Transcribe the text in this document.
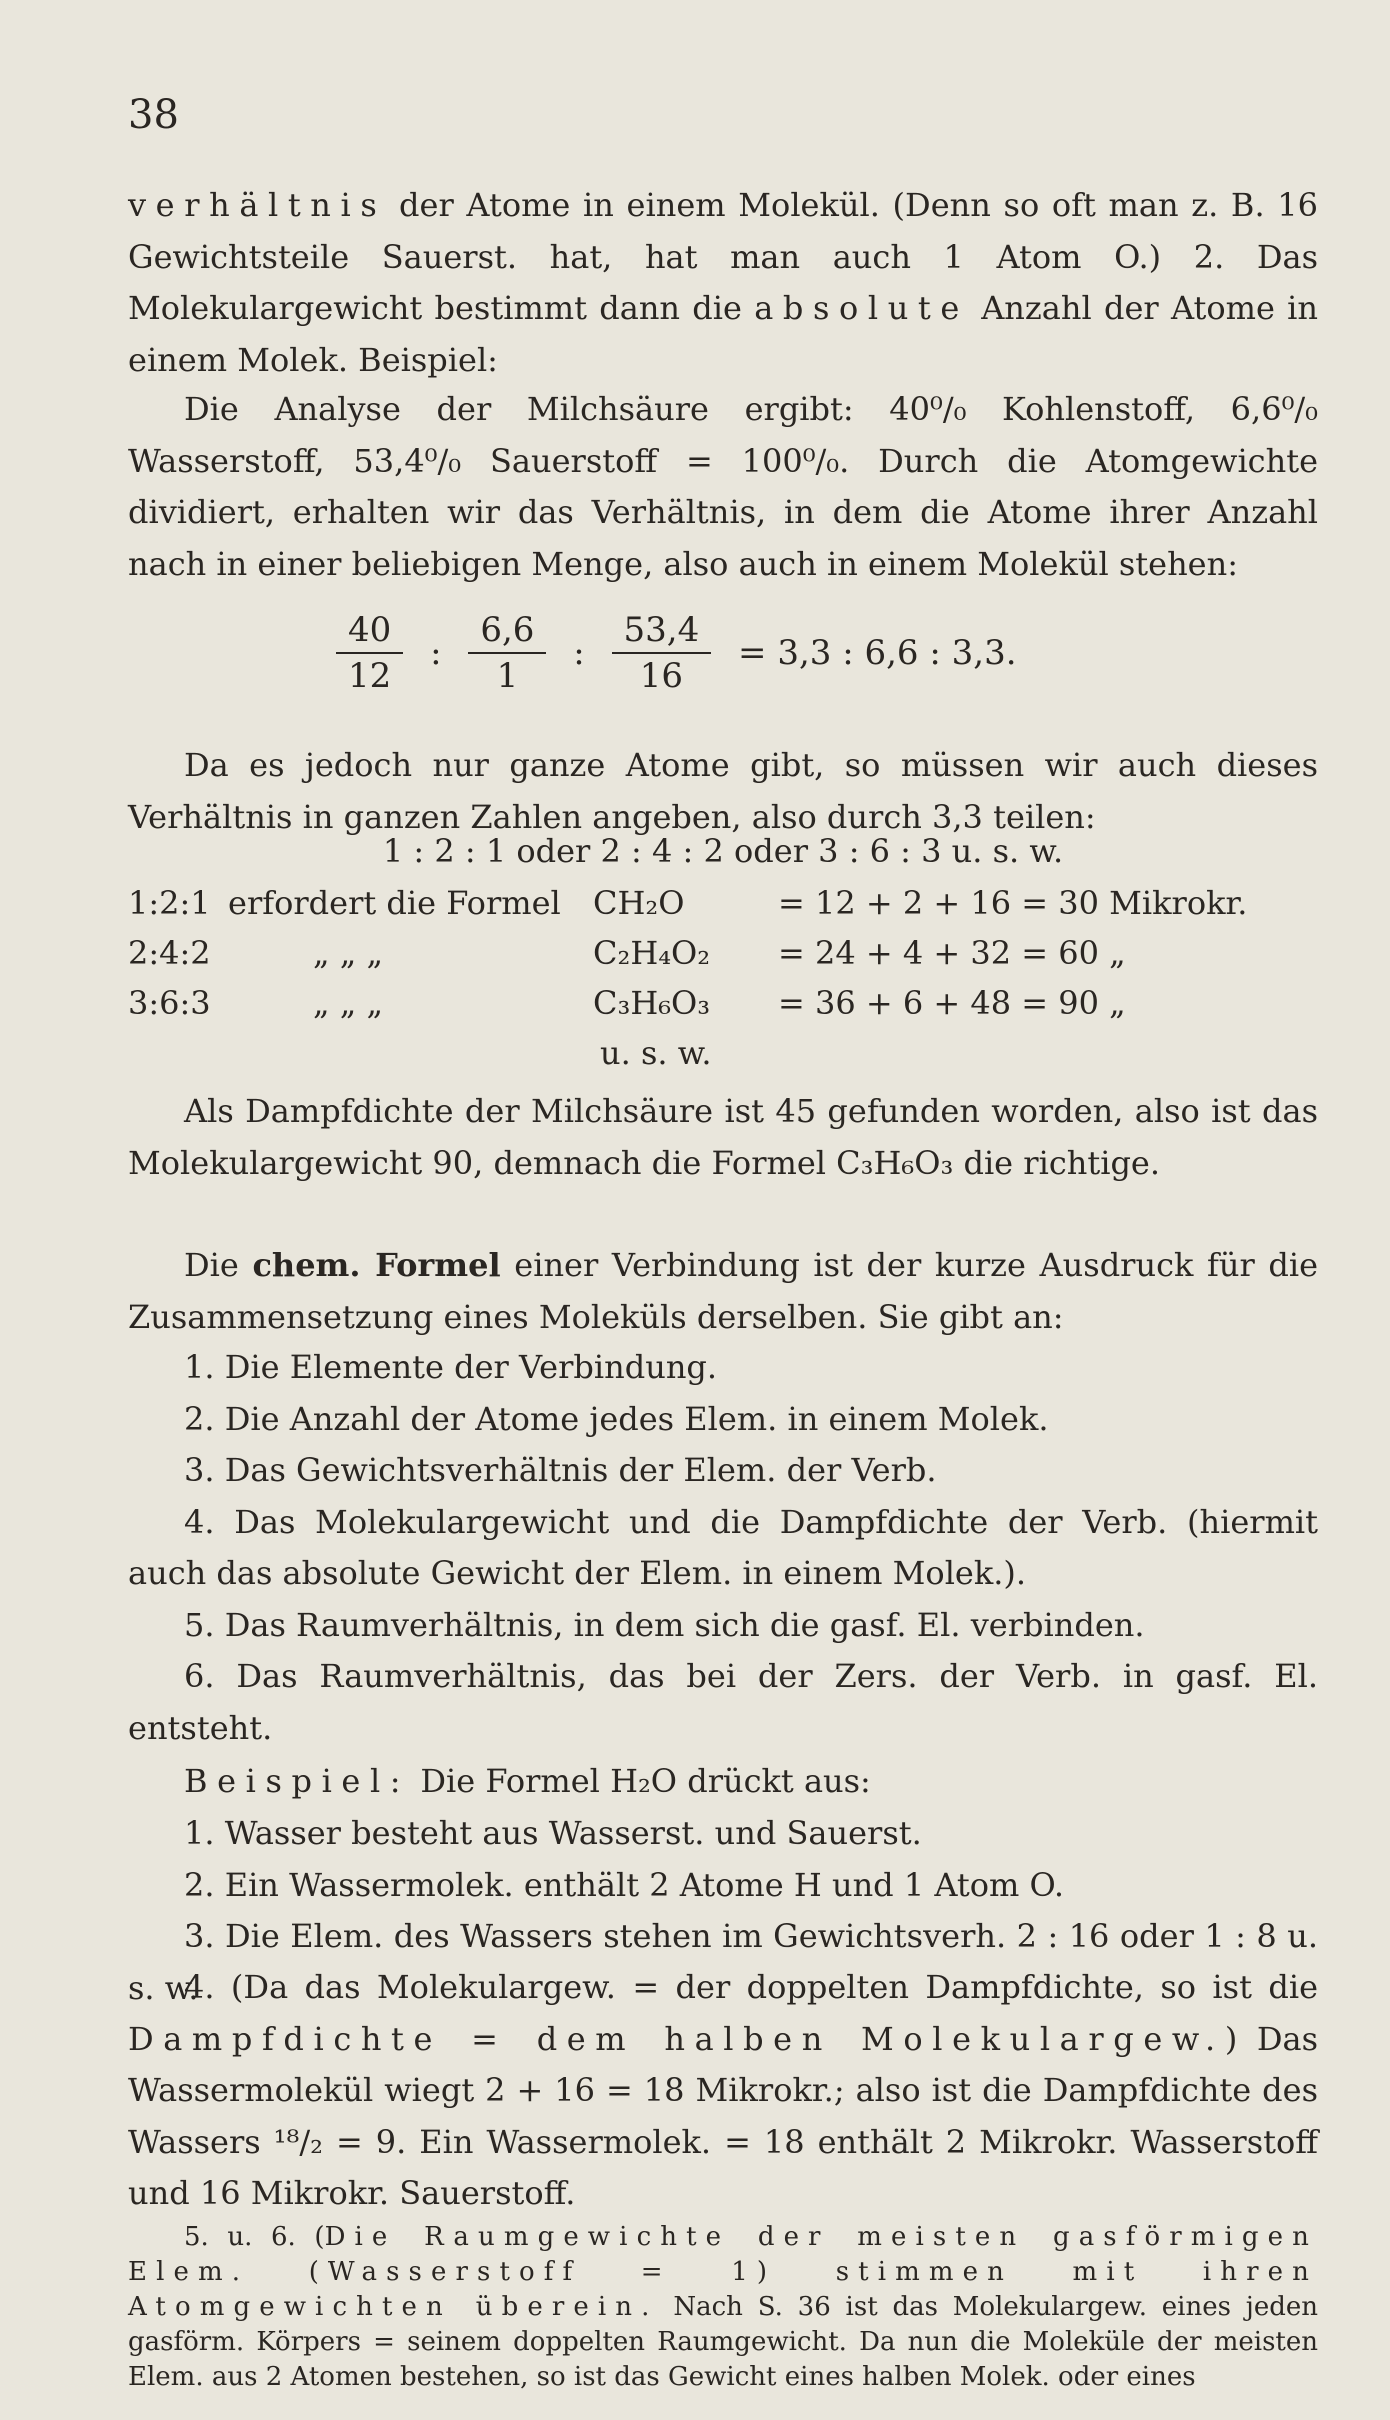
38

verhältnis der Atome in einem Molekül. (Denn so oft man z. B. 16 Gewichtsteile Sauerst. hat, hat man auch 1 Atom O.) 2. Das Molekulargewicht bestimmt dann die absolute Anzahl der Atome in einem Molek. Beispiel:

Die Analyse der Milchsäure ergibt: 40⁰/₀ Kohlenstoff, 6,6⁰/₀ Wasserstoff, 53,4⁰/₀ Sauerstoff = 100⁰/₀. Durch die Atomgewichte dividiert, erhalten wir das Verhältnis, in dem die Atome ihrer Anzahl nach in einer beliebigen Menge, also auch in einem Molekül stehen:

$\frac{40}{12}$ : $\frac{6,6}{1}$ : $\frac{53,4}{16} = 3,3$ : 6,6 : 3,3.

Da es jedoch nur ganze Atome gibt, so müssen wir auch dieses Verhältnis in ganzen Zahlen angeben, also durch 3,3 teilen:

1 : 2 : 1 oder 2 : 4 : 2 oder 3 : 6 : 3 u. s. w.
1:2:1 erfordert die Formel CH₂O	= 12 + 2 + 16 = 30 Mikrokr.
2:4:2	„ „ „	C₂H₄O₂ = 24 + 4 + 32 = 60 „
3:6:3	„ „ „	C₃H₆O₃ = 36 + 6 + 48 = 90 „
u. s. w.

Als Dampfdichte der Milchsäure ist 45 gefunden worden, also ist das Molekulargewicht 90, demnach die Formel C₃H₆O₃ die richtige.

Die chem. Formel einer Verbindung ist der kurze Ausdruck für die Zusammensetzung eines Moleküls derselben. Sie gibt an:

1. Die Elemente der Verbindung.

2. Die Anzahl der Atome jedes Elem. in einem Molek.

3. Das Gewichtsverhältnis der Elem. der Verb.

4. Das Molekulargewicht und die Dampfdichte der Verb. (hiermit auch das absolute Gewicht der Elem. in einem Molek.).

5. Das Raumverhältnis, in dem sich die gasf. El. verbinden.

6. Das Raumverhältnis, das bei der Zers. der Verb. in gasf. El. entsteht.

Beispiel: Die Formel H₂O drückt aus:

1. Wasser besteht aus Wasserst. und Sauerst.

2. Ein Wassermolek. enthält 2 Atome H und 1 Atom O.

3. Die Elem. des Wassers stehen im Gewichtsverh. 2 : 16 oder 1 : 8 u. s. w.

4. (Da das Molekulargew. = der doppelten Dampfdichte, so ist die Dampfdichte = dem halben Molekulargew.) Das Wassermolekül wiegt 2 + 16 = 18 Mikrokr.; also ist die Dampfdichte des Wassers ¹⁸/₂ = 9. Ein Wassermolek. = 18 enthält 2 Mikrokr. Wasserstoff und 16 Mikrokr. Sauerstoff.

5. u. 6. (Die Raumgewichte der meisten gasförmigen Elem. (Wasserstoff = 1) stimmen mit ihren Atomgewichten überein. Nach S. 36 ist das Molekulargew. eines jeden gasförm. Körpers = seinem doppelten Raumgewicht. Da nun die Moleküle der meisten Elem. aus 2 Atomen bestehen, so ist das Gewicht eines halben Molek. oder eines
